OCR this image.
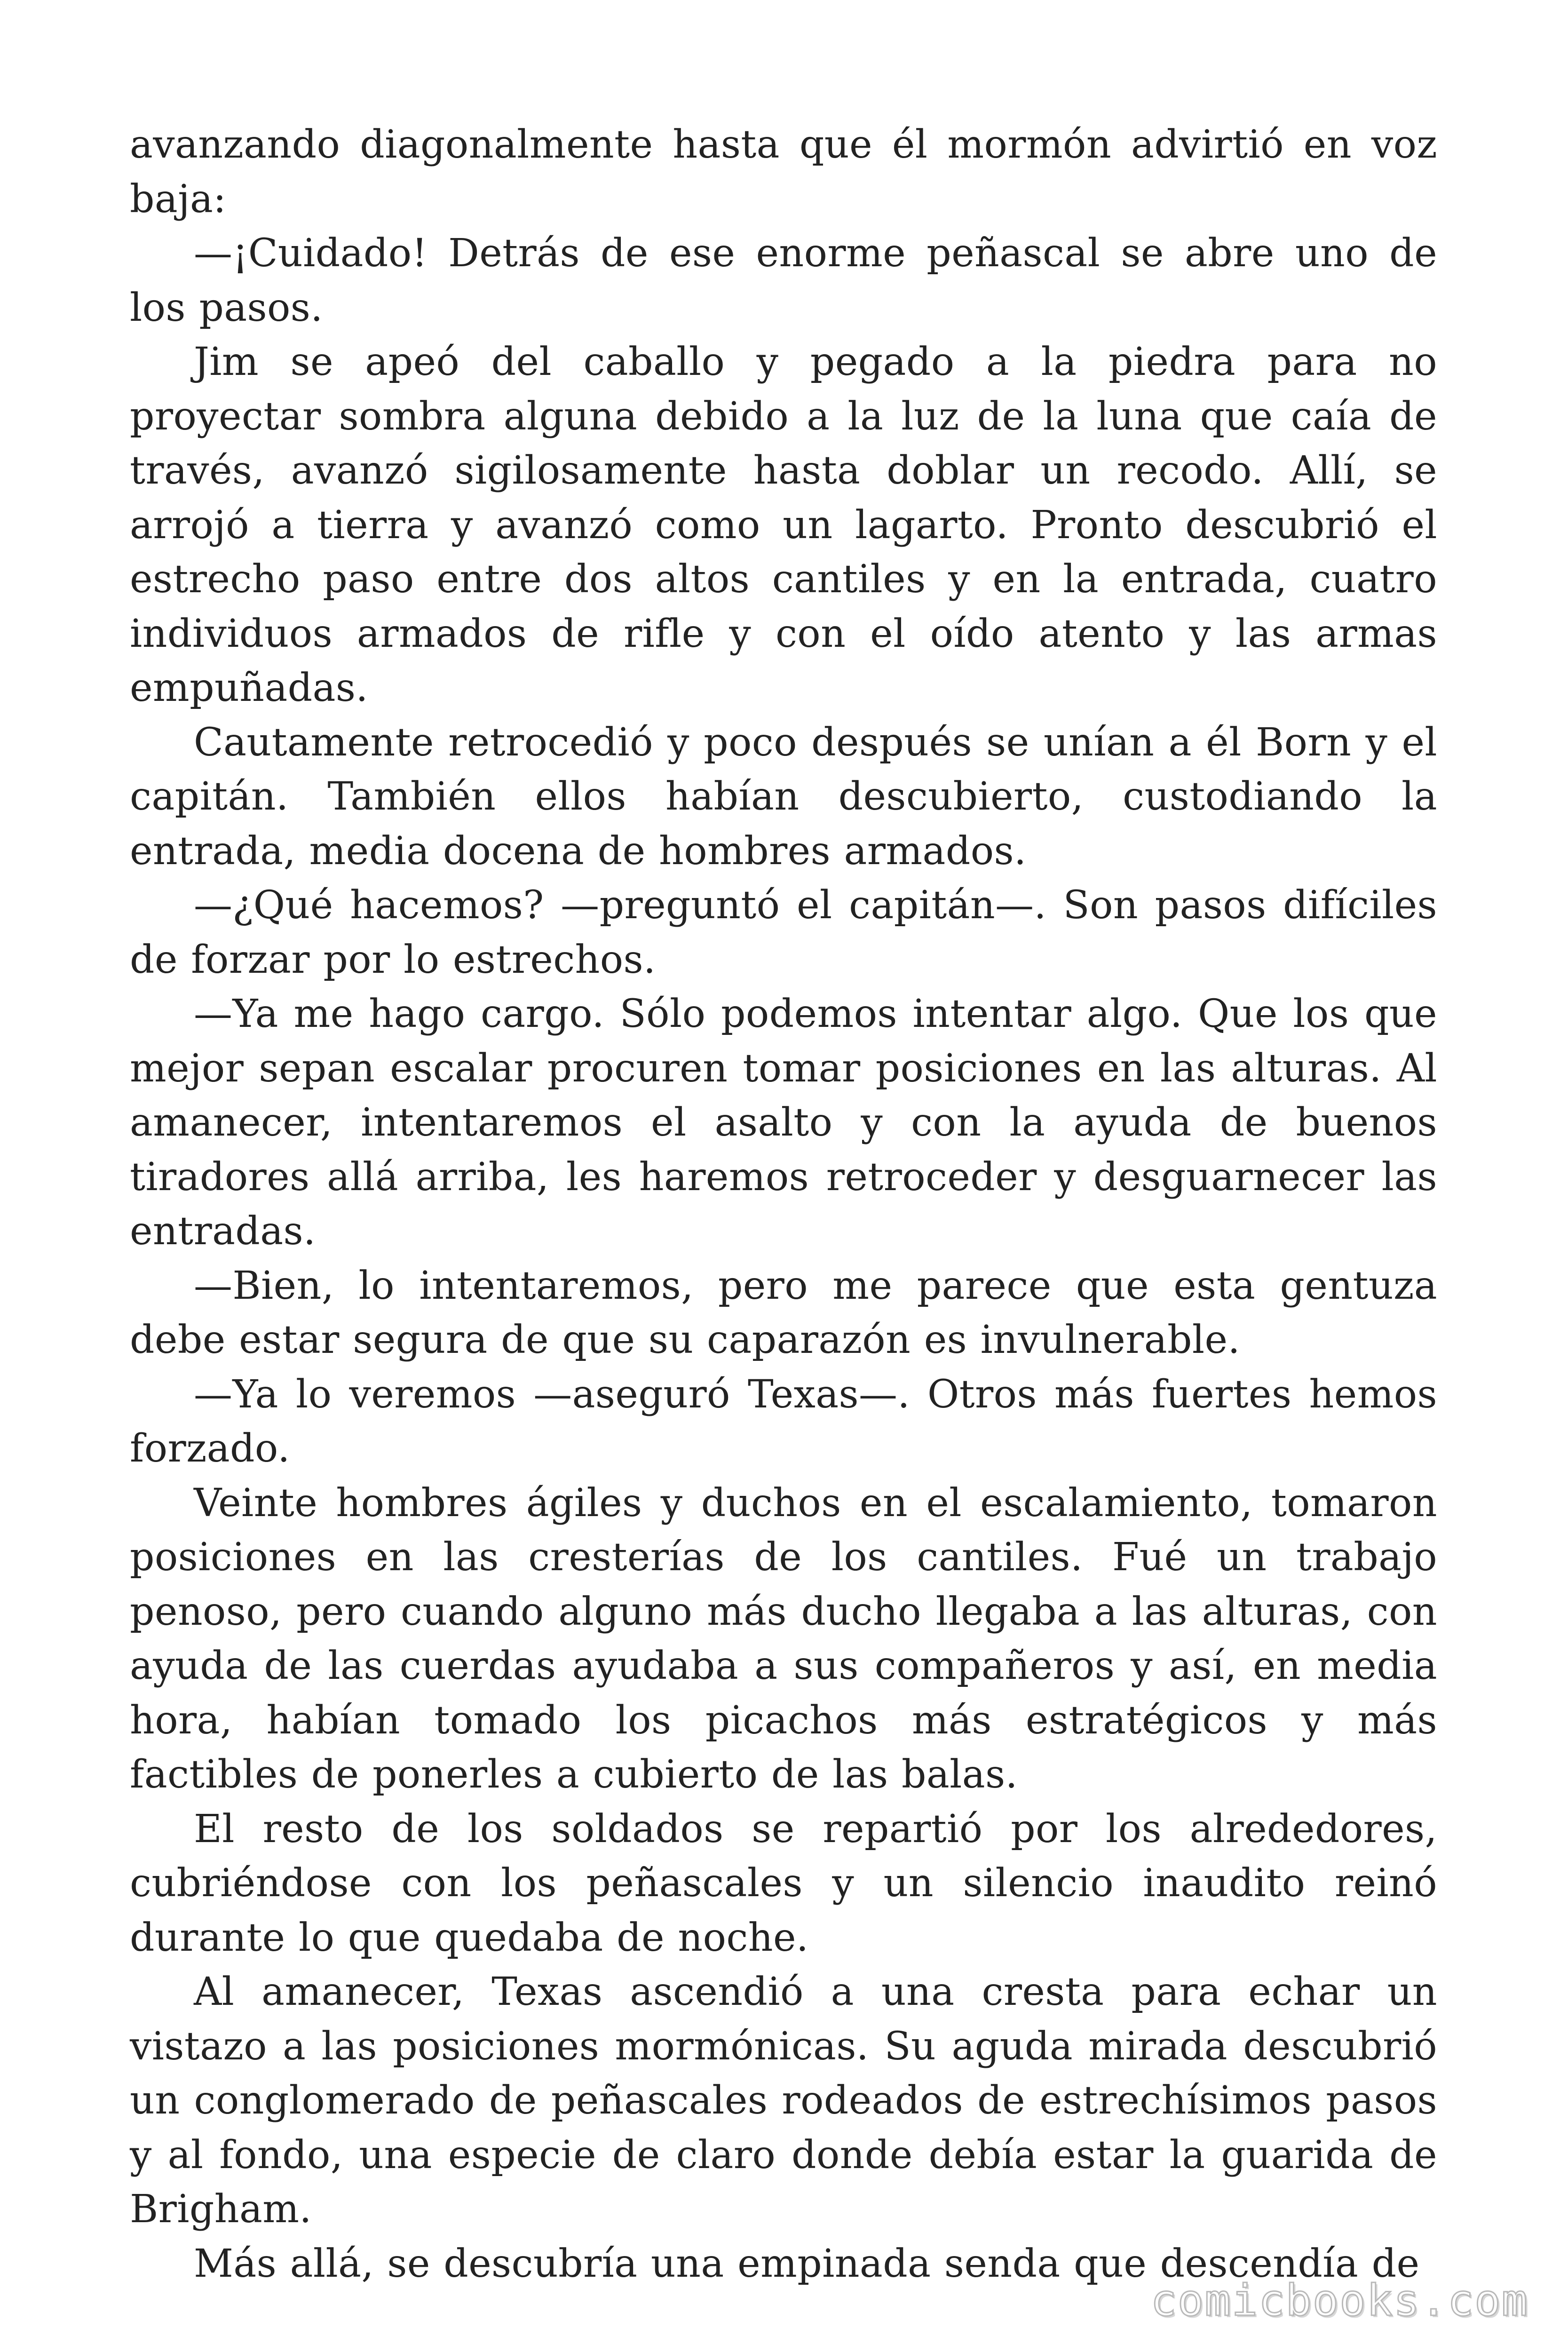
avanzando diagonalmente hasta que él mormón advirtió en voz baja:

—¡Cuidado! Detrás de ese enorme peñascal se abre uno de los pasos.

Jim se apeó del caballo y pegado a la piedra para no proyectar sombra alguna debido a la luz de la luna que caía de través, avanzó sigilosamente hasta doblar un recodo. Allí, se arrojó a tierra y avanzó como un lagarto. Pronto descubrió el estrecho paso entre dos altos cantiles y en la entrada, cuatro individuos armados de rifle y con el oído atento y las armas empuñadas.

Cautamente retrocedió y poco después se unían a él Born y el capitán. También ellos habían descubierto, custodiando la entrada, media docena de hombres armados.

—¿Qué hacemos? —preguntó el capitán—. Son pasos difíciles de forzar por lo estrechos.

—Ya me hago cargo. Sólo podemos intentar algo. Que los que mejor sepan escalar procuren tomar posiciones en las alturas. Al amanecer, intentaremos el asalto y con la ayuda de buenos tiradores allá arriba, les haremos retroceder y desguarnecer las entradas.

—Bien, lo intentaremos, pero me parece que esta gentuza debe estar segura de que su caparazón es invulnerable.

—Ya lo veremos —aseguró Texas—. Otros más fuertes hemos forzado.

Veinte hombres ágiles y duchos en el escalamiento, tomaron posiciones en las cresterías de los cantiles. Fué un trabajo penoso, pero cuando alguno más ducho llegaba a las alturas, con ayuda de las cuerdas ayudaba a sus compañeros y así, en media hora, habían tomado los picachos más estratégicos y más factibles de ponerles a cubierto de las balas.

El resto de los soldados se repartió por los alrededores, cubriéndose con los peñascales y un silencio inaudito reinó durante lo que quedaba de noche.

Al amanecer, Texas ascendió a una cresta para echar un vistazo a las posiciones mormónicas. Su aguda mirada descubrió un conglomerado de peñascales rodeados de estrechísimos pasos y al fondo, una especie de claro donde debía estar la guarida de Brigham.

Más allá, se descubría una empinada senda que descendía de

comicbooks.com
